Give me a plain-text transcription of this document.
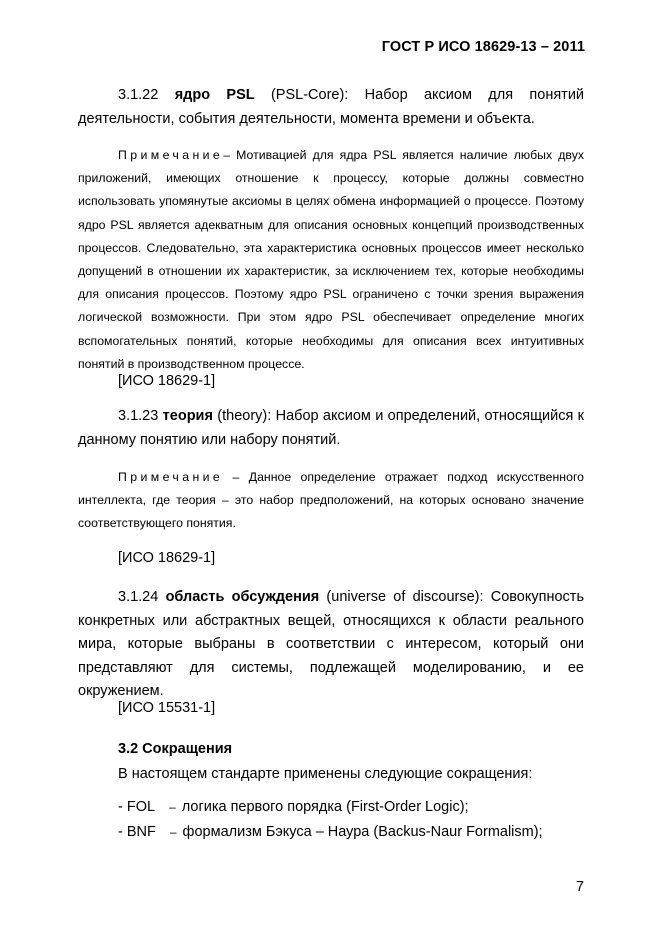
ГОСТ Р ИСО 18629-13 – 2011

3.1.22 ядро PSL (PSL-Core): Набор аксиом для понятий деятельности, события деятельности, момента времени и объекта.

Примечание– Мотивацией для ядра PSL является наличие любых двух приложений, имеющих отношение к процессу, которые должны совместно использовать упомянутые аксиомы в целях обмена информацией о процессе. Поэтому ядро PSL является адекватным для описания основных концепций производственных процессов. Следовательно, эта характеристика основных процессов имеет несколько допущений в отношении их характеристик, за исключением тех, которые необходимы для описания процессов. Поэтому ядро PSL ограничено с точки зрения выражения логической возможности. При этом ядро PSL обеспечивает определение многих вспомогательных понятий, которые необходимы для описания всех интуитивных понятий в производственном процессе.

[ИСО 18629-1]

3.1.23 теория (theory): Набор аксиом и определений, относящийся к данному понятию или набору понятий.

Примечание – Данное определение отражает подход искусственного интеллекта, где теория – это набор предположений, на которых основано значение соответствующего понятия.

[ИСО 18629-1]

3.1.24 область обсуждения (universe of discourse): Совокупность конкретных или абстрактных вещей, относящихся к области реального мира, которые выбраны в соответствии с интересом, который они представляют для системы, подлежащей моделированию, и ее окружением.

[ИСО 15531-1]
3.2 Сокращения
В настоящем стандарте применены следующие сокращения:
- FOL – логика первого порядка (First-Order Logic);
- BNF – формализм Бэкуса – Наура (Backus-Naur Formalism);
7
